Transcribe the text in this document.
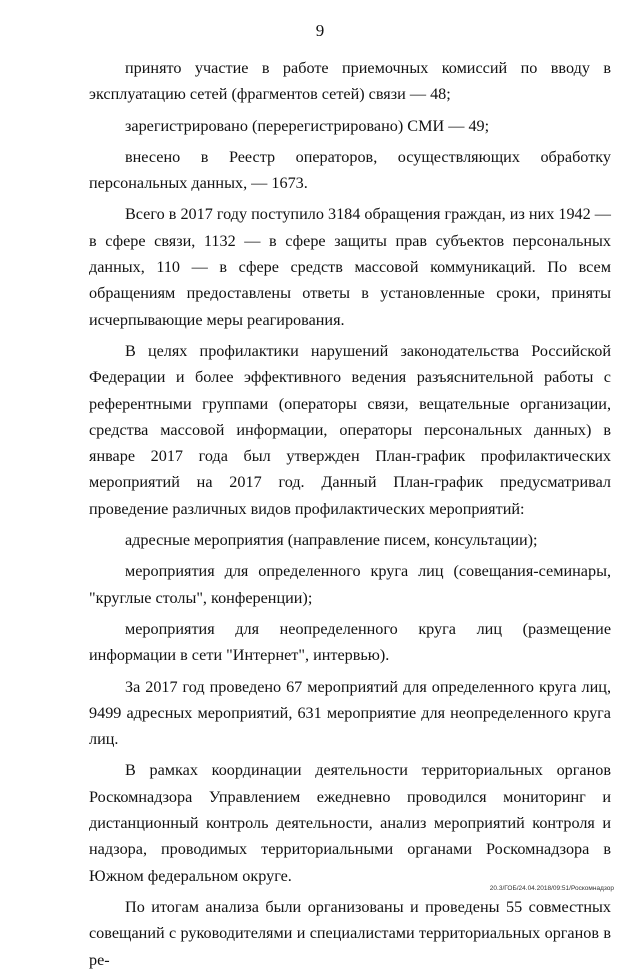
9

принято участие в работе приемочных комиссий по вводу в эксплуатацию сетей (фрагментов сетей) связи — 48;

зарегистрировано (перерегистрировано) СМИ — 49;

внесено в Реестр операторов, осуществляющих обработку персональных данных, — 1673.

Всего в 2017 году поступило 3184 обращения граждан, из них 1942 — в сфере связи, 1132 — в сфере защиты прав субъектов персональных данных, 110 — в сфере средств массовой коммуникаций. По всем обращениям предоставлены ответы в установленные сроки, приняты исчерпывающие меры реагирования.

В целях профилактики нарушений законодательства Российской Федерации и более эффективного ведения разъяснительной работы с референтными группами (операторы связи, вещательные организации, средства массовой информации, операторы персональных данных) в январе 2017 года был утвержден План-график профилактических мероприятий на 2017 год. Данный План-график предусматривал проведение различных видов профилактических мероприятий:

адресные мероприятия (направление писем, консультации);

мероприятия для определенного круга лиц (совещания-семинары, "круглые столы", конференции);

мероприятия для неопределенного круга лиц (размещение информации в сети "Интернет", интервью).

За 2017 год проведено 67 мероприятий для определенного круга лиц, 9499 адресных мероприятий, 631 мероприятие для неопределенного круга лиц.

В рамках координации деятельности территориальных органов Роскомнадзора Управлением ежедневно проводился мониторинг и дистанционный контроль деятельности, анализ мероприятий контроля и надзора, проводимых территориальными органами Роскомнадзора в Южном федеральном округе.

По итогам анализа были организованы и проведены 55 совместных совещаний с руководителями и специалистами территориальных органов в ре-

20.3/ГОБ/24.04.2018/09:51/Роскомнадзор
